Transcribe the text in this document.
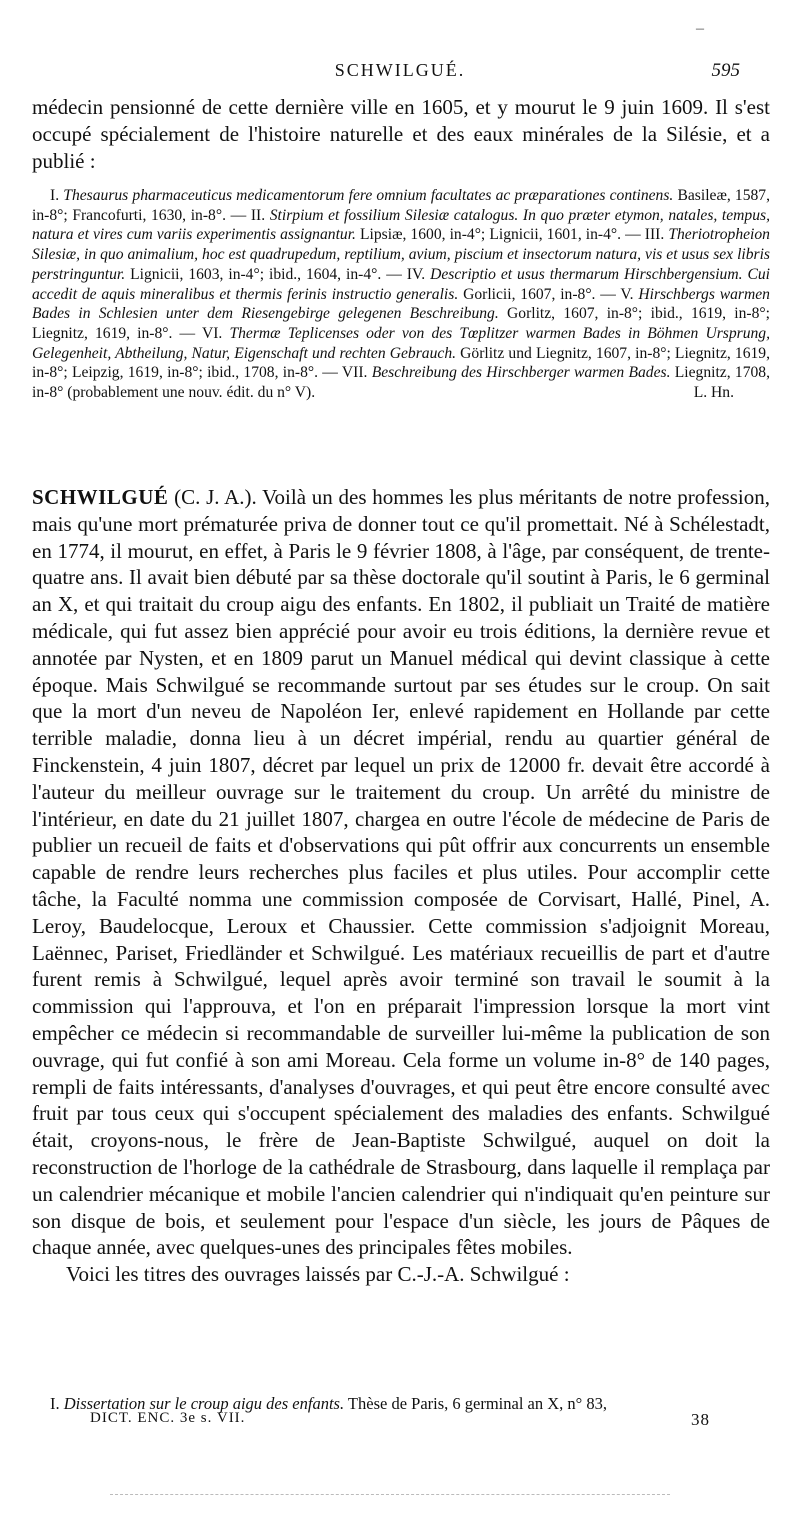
–
SCHWILGUÉ.	595
médecin pensionné de cette dernière ville en 1605, et y mourut le 9 juin 1609. Il s'est occupé spécialement de l'histoire naturelle et des eaux minérales de la Silésie, et a publié :

I. Thesaurus pharmaceuticus medicamentorum fere omnium facultates ac præparationes continens. Basileæ, 1587, in-8°; Francofurti, 1630, in-8°. — II. Stirpium et fossilium Silesiæ catalogus. In quo præter etymon, natales, tempus, natura et vires cum variis experimentis assignantur. Lipsiæ, 1600, in-4°; Lignicii, 1601, in-4°. — III. Theriotropheion Silesiæ, in quo animalium, hoc est quadrupedum, reptilium, avium, piscium et insectorum natura, vis et usus sex libris perstringuntur. Lignicii, 1603, in-4°; ibid., 1604, in-4°. — IV. Descriptio et usus thermarum Hirschbergensium. Cui accedit de aquis mineralibus et thermis ferinis instructio generalis. Gorlicii, 1607, in-8°. — V. Hirschbergs warmen Bades in Schlesien unter dem Riesengebirge gelegenen Beschreibung. Gorlitz, 1607, in-8°; ibid., 1619, in-8°; Liegnitz, 1619, in-8°. — VI. Thermæ Teplicenses oder von des Tœplitzer warmen Bades in Böhmen Ursprung, Gelegenheit, Abtheilung, Natur, Eigenschaft und rechten Gebrauch. Görlitz und Liegnitz, 1607, in-8°; Liegnitz, 1619, in-8°; Leipzig, 1619, in-8°; ibid., 1708, in-8°. — VII. Beschreibung des Hirschberger warmen Bades. Liegnitz, 1708, in-8° (probablement une nouv. édit. du n° V).	L. Hn.

SCHWILGUÉ (C. J. A.). Voilà un des hommes les plus méritants de notre profession, mais qu'une mort prématurée priva de donner tout ce qu'il promettait. Né à Schélestadt, en 1774, il mourut, en effet, à Paris le 9 février 1808, à l'âge, par conséquent, de trente-quatre ans. Il avait bien débuté par sa thèse doctorale qu'il soutint à Paris, le 6 germinal an X, et qui traitait du croup aigu des enfants. En 1802, il publiait un Traité de matière médicale, qui fut assez bien apprécié pour avoir eu trois éditions, la dernière revue et annotée par Nysten, et en 1809 parut un Manuel médical qui devint classique à cette époque. Mais Schwilgué se recommande surtout par ses études sur le croup. On sait que la mort d'un neveu de Napoléon Ier, enlevé rapidement en Hollande par cette terrible maladie, donna lieu à un décret impérial, rendu au quartier général de Finckenstein, 4 juin 1807, décret par lequel un prix de 12000 fr. devait être accordé à l'auteur du meilleur ouvrage sur le traitement du croup. Un arrêté du ministre de l'intérieur, en date du 21 juillet 1807, chargea en outre l'école de médecine de Paris de publier un recueil de faits et d'observations qui pût offrir aux concurrents un ensemble capable de rendre leurs recherches plus faciles et plus utiles. Pour accomplir cette tâche, la Faculté nomma une commission composée de Corvisart, Hallé, Pinel, A. Leroy, Baudelocque, Leroux et Chaussier. Cette commission s'adjoignit Moreau, Laënnec, Pariset, Friedländer et Schwilgué. Les matériaux recueillis de part et d'autre furent remis à Schwilgué, lequel après avoir terminé son travail le soumit à la commission qui l'approuva, et l'on en préparait l'impression lorsque la mort vint empêcher ce médecin si recommandable de surveiller lui-même la publication de son ouvrage, qui fut confié à son ami Moreau. Cela forme un volume in-8° de 140 pages, rempli de faits intéressants, d'analyses d'ouvrages, et qui peut être encore consulté avec fruit par tous ceux qui s'occupent spécialement des maladies des enfants. Schwilgué était, croyons-nous, le frère de Jean-Baptiste Schwilgué, auquel on doit la reconstruction de l'horloge de la cathédrale de Strasbourg, dans laquelle il remplaça par un calendrier mécanique et mobile l'ancien calendrier qui n'indiquait qu'en peinture sur son disque de bois, et seulement pour l'espace d'un siècle, les jours de Pâques de chaque année, avec quelques-unes des principales fêtes mobiles.

Voici les titres des ouvrages laissés par C.-J.-A. Schwilgué :

I. Dissertation sur le croup aigu des enfants. Thèse de Paris, 6 germinal an X, n° 83,

DICT. ENC. 3e s. VII.	38
